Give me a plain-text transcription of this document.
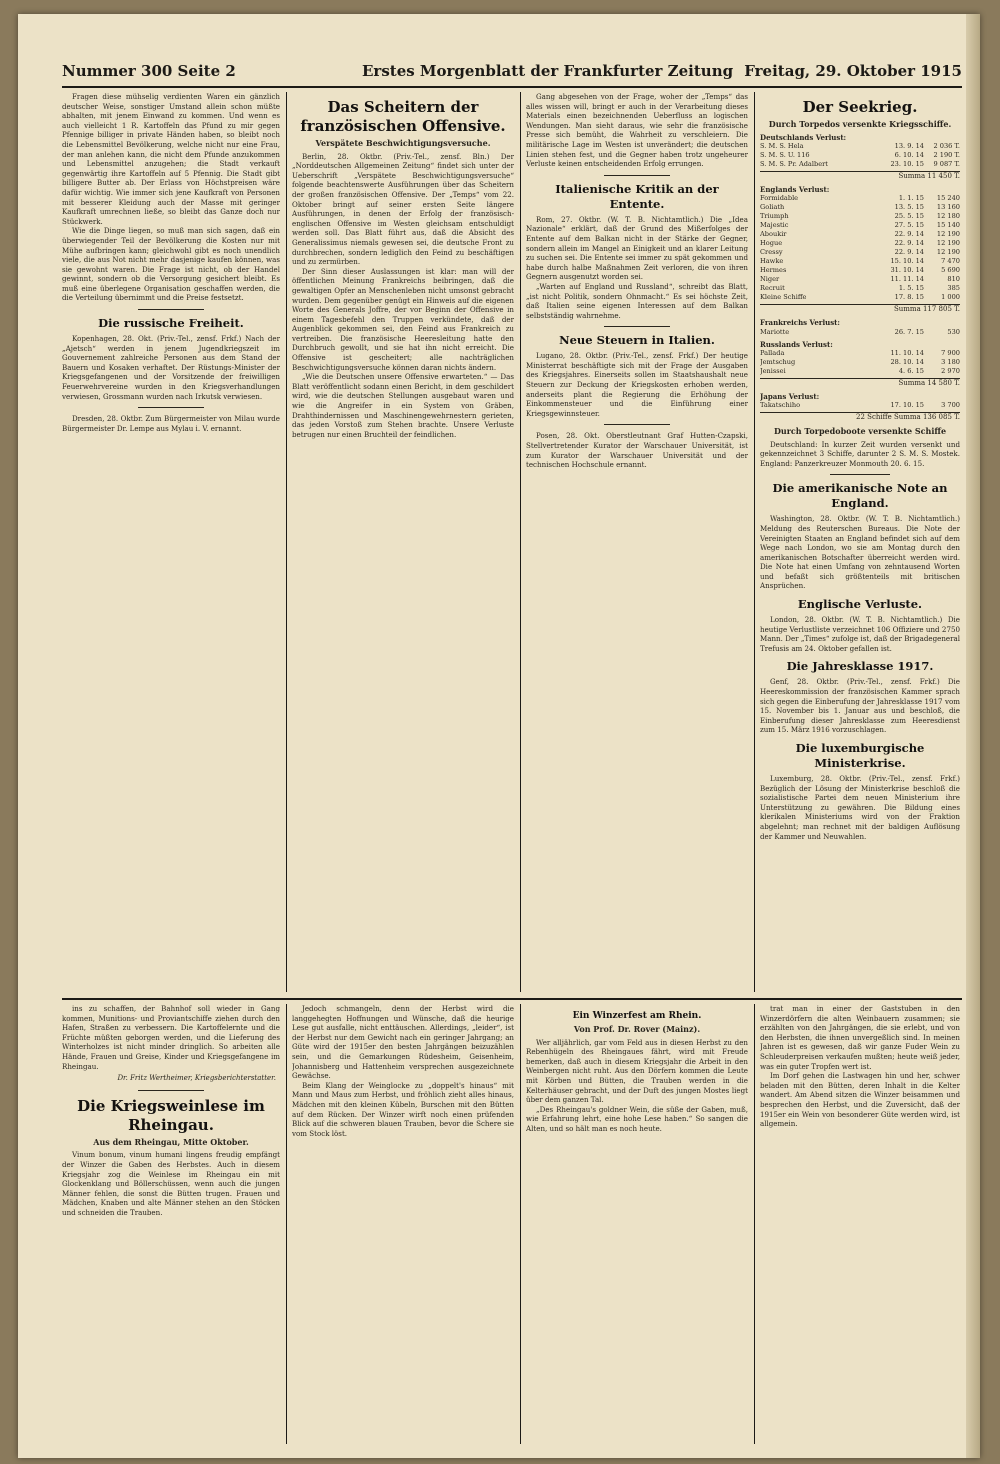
Nummer 300 Seite 2	Erstes Morgenblatt der Frankfurter Zeitung Freitag, 29. Oktober 1915

Fragen diese mühselig verdienten Waren ein gänzlich deutscher Weise, sonstiger Umstand allein schon müßte abhalten, mit jenem Einwand zu kommen. Und wenn es auch vielleicht 1 R. Kartoffeln das Pfund zu mir gegen Pfennige billiger in private Händen haben, so bleibt noch die Lebensmittel Bevölkerung, welche nicht nur eine Frau, der man anlehen kann, die nicht dem Pfunde anzukommen und Lebensmittel anzugehen; die Stadt verkauft gegenwärtig ihre Kartoffeln auf 5 Pfennig. Die Stadt gibt billigere Butter ab. Der Erlass von Höchstpreisen wäre dafür wichtig. Wie immer sich jene Kaufkraft von Personen mit besserer Kleidung auch der Masse mit geringer Kaufkraft umrechnen ließe, so bleibt das Ganze doch nur Stückwerk.

Wie die Dinge liegen, so muß man sich sagen, daß ein überwiegender Teil der Bevölkerung die Kosten nur mit Mühe aufbringen kann; gleichwohl gibt es noch unendlich viele, die aus Not nicht mehr dasjenige kaufen können, was sie gewohnt waren. Die Frage ist nicht, ob der Handel gewinnt, sondern ob die Versorgung gesichert bleibt. Es muß eine überlegene Organisation geschaffen werden, die die Verteilung übernimmt und die Preise festsetzt.

Die russische Freiheit.

Kopenhagen, 28. Okt. (Priv.-Tel., zensf. Frkf.) Nach der „Ajetsch“ werden in jenem Jugendkriegszeit im Gouvernement zahlreiche Personen aus dem Stand der Bauern und Kosaken verhaftet. Der Rüstungs-Minister der Kriegsgefangenen und der Vorsitzende der freiwilligen Feuerwehrvereine wurden in den Kriegsverhandlungen verwiesen, Grossmann wurden nach Irkutsk verwiesen.

Dresden, 28. Oktbr. Zum Bürgermeister von Milau wurde Bürgermeister Dr. Lempe aus Mylau i. V. ernannt.

Das Scheitern der französischen Offensive.
Verspätete Beschwichtigungsversuche.

Berlin, 28. Oktbr. (Priv.-Tel., zensf. Bln.) Der „Norddeutschen Allgemeinen Zeitung“ findet sich unter der Ueberschrift „Verspätete Beschwichtigungsversuche“ folgende beachtenswerte Ausführungen über das Scheitern der großen französischen Offensive. Der „Temps“ vom 22. Oktober bringt auf seiner ersten Seite längere Ausführungen, in denen der Erfolg der französisch-englischen Offensive im Westen gleichsam entschuldigt werden soll. Das Blatt führt aus, daß die Absicht des Generalissimus niemals gewesen sei, die deutsche Front zu durchbrechen, sondern lediglich den Feind zu beschäftigen und zu zermürben.

Der Sinn dieser Auslassungen ist klar: man will der öffentlichen Meinung Frankreichs beibringen, daß die gewaltigen Opfer an Menschenleben nicht umsonst gebracht wurden. Dem gegenüber genügt ein Hinweis auf die eigenen Worte des Generals Joffre, der vor Beginn der Offensive in einem Tagesbefehl den Truppen verkündete, daß der Augenblick gekommen sei, den Feind aus Frankreich zu vertreiben. Die französische Heeresleitung hatte den Durchbruch gewollt, und sie hat ihn nicht erreicht. Die Offensive ist gescheitert; alle nachträglichen Beschwichtigungsversuche können daran nichts ändern.

„Wie die Deutschen unsere Offensive erwarteten.“ — Das Blatt veröffentlicht sodann einen Bericht, in dem geschildert wird, wie die deutschen Stellungen ausgebaut waren und wie die Angreifer in ein System von Gräben, Drahthindernissen und Maschinengewehrnestern gerieten, das jeden Vorstoß zum Stehen brachte. Unsere Verluste betrugen nur einen Bruchteil der feindlichen.

Gang abgesehen von der Frage, woher der „Temps“ das alles wissen will, bringt er auch in der Verarbeitung dieses Materials einen bezeichnenden Ueberfluss an logischen Wendungen. Man sieht daraus, wie sehr die französische Presse sich bemüht, die Wahrheit zu verschleiern. Die militärische Lage im Westen ist unverändert; die deutschen Linien stehen fest, und die Gegner haben trotz ungeheurer Verluste keinen entscheidenden Erfolg errungen.

Italienische Kritik an der Entente.

Rom, 27. Oktbr. (W. T. B. Nichtamtlich.) Die „Idea Nazionale“ erklärt, daß der Grund des Mißerfolges der Entente auf dem Balkan nicht in der Stärke der Gegner, sondern allein im Mangel an Einigkeit und an klarer Leitung zu suchen sei. Die Entente sei immer zu spät gekommen und habe durch halbe Maßnahmen Zeit verloren, die von ihren Gegnern ausgenutzt worden sei.

„Warten auf England und Russland“, schreibt das Blatt, „ist nicht Politik, sondern Ohnmacht.“ Es sei höchste Zeit, daß Italien seine eigenen Interessen auf dem Balkan selbstständig wahrnehme.

Neue Steuern in Italien.

Lugano, 28. Oktbr. (Priv.-Tel., zensf. Frkf.) Der heutige Ministerrat beschäftigte sich mit der Frage der Ausgaben des Kriegsjahres. Einerseits sollen im Staatshaushalt neue Steuern zur Deckung der Kriegskosten erhoben werden, anderseits plant die Regierung die Erhöhung der Einkommensteuer und die Einführung einer Kriegsgewinnsteuer.

Posen, 28. Okt. Oberstleutnant Graf Hutten-Czapski, Stellvertretender Kurator der Warschauer Universität, ist zum Kurator der Warschauer Universität und der technischen Hochschule ernannt.

Der Seekrieg.
Durch Torpedos versenkte Kriegsschiffe.
Deutschlands Verlust:
S. M. S. Hela	13. 9. 14	2 036 T.
S. M. S. U. 116	6. 10. 14	2 190 T.
S. M. S. Pr. Adalbert	23. 10. 15	9 087 T.
Summa 11 450 T.
Englands Verlust:
Formidable	1. 1. 15	15 240
Goliath	13. 5. 15	13 160
Triumph	25. 5. 15	12 180
Majestic	27. 5. 15	15 140
Aboukir	22. 9. 14	12 190
Hogue	22. 9. 14	12 190
Cressy	22. 9. 14	12 190
Hawke	15. 10. 14	7 470
Hermes	31. 10. 14	5 690
Niger	11. 11. 14	810
Recruit	1. 5. 15	385
Kleine Schiffe	17. 8. 15	1 000
Summa 117 805 T.
Frankreichs Verlust:
Mariotte	26. 7. 15	530
Russlands Verlust:
Pallada	11. 10. 14	7 900
Jemtschug	28. 10. 14	3 180
Jenissei	4. 6. 15	2 970
Summa 14 580 T.
Japans Verlust:
Takatschiho	17. 10. 15	3 700
22 Schiffe Summa 136 085 T.
Durch Torpedoboote versenkte Schiffe

Deutschland: In kurzer Zeit wurden versenkt und gekennzeichnet 3 Schiffe, darunter 2 S. M. S. Mostek. England: Panzerkreuzer Monmouth 20. 6. 15.

Die amerikanische Note an England.

Washington, 28. Oktbr. (W. T. B. Nichtamtlich.) Meldung des Reuterschen Bureaus. Die Note der Vereinigten Staaten an England befindet sich auf dem Wege nach London, wo sie am Montag durch den amerikanischen Botschafter überreicht werden wird. Die Note hat einen Umfang von zehntausend Worten und befaßt sich größtenteils mit britischen Ansprüchen.

Englische Verluste.

London, 28. Oktbr. (W. T. B. Nichtamtlich.) Die heutige Verlustliste verzeichnet 106 Offiziere und 2750 Mann. Der „Times“ zufolge ist, daß der Brigadegeneral Trefusis am 24. Oktober gefallen ist.

Die Jahresklasse 1917.

Genf, 28. Oktbr. (Priv.-Tel., zensf. Frkf.) Die Heereskommission der französischen Kammer sprach sich gegen die Einberufung der Jahresklasse 1917 vom 15. November bis 1. Januar aus und beschloß, die Einberufung dieser Jahresklasse zum Heeresdienst zum 15. März 1916 vorzuschlagen.

Die luxemburgische Ministerkrise.

Luxemburg, 28. Oktbr. (Priv.-Tel., zensf. Frkf.) Bezüglich der Lösung der Ministerkrise beschloß die sozialistische Partei dem neuen Ministerium ihre Unterstützung zu gewähren. Die Bildung eines klerikalen Ministeriums wird von der Fraktion abgelehnt; man rechnet mit der baldigen Auflösung der Kammer und Neuwahlen.

ins zu schaffen, der Bahnhof soll wieder in Gang kommen, Munitions- und Proviantschiffe ziehen durch den Hafen, Straßen zu verbessern. Die Kartoffelernte und die Früchte müßten geborgen werden, und die Lieferung des Winterholzes ist nicht minder dringlich. So arbeiten alle Hände, Frauen und Greise, Kinder und Kriegsgefangene im Rheingau.

Dr. Fritz Wertheimer, Kriegsberichterstatter.
Die Kriegsweinlese im Rheingau.
Aus dem Rheingau, Mitte Oktober.

Vinum bonum, vinum humani lingens freudig empfängt der Winzer die Gaben des Herbstes. Auch in diesem Kriegsjahr zog die Weinlese im Rheingau ein mit Glockenklang und Böllerschüssen, wenn auch die jungen Männer fehlen, die sonst die Bütten trugen. Frauen und Mädchen, Knaben und alte Männer stehen an den Stöcken und schneiden die Trauben.

Jedoch schmangeln, denn der Herbst wird die langgehegten Hoffnungen und Wünsche, daß die heurige Lese gut ausfalle, nicht enttäuschen. Allerdings, „leider“, ist der Herbst nur dem Gewicht nach ein geringer Jahrgang; an Güte wird der 1915er den besten Jahrgängen beizuzählen sein, und die Gemarkungen Rüdesheim, Geisenheim, Johannisberg und Hattenheim versprechen ausgezeichnete Gewächse.

Beim Klang der Weinglocke zu „doppelt's hinaus“ mit Mann und Maus zum Herbst, und fröhlich zieht alles hinaus, Mädchen mit den kleinen Kübeln, Burschen mit den Bütten auf dem Rücken. Der Winzer wirft noch einen prüfenden Blick auf die schweren blauen Trauben, bevor die Schere sie vom Stock löst.

Ein Winzerfest am Rhein.
Von Prof. Dr. Rover (Mainz).

Wer alljährlich, gar vom Feld aus in diesen Herbst zu den Rebenhügeln des Rheingaues fährt, wird mit Freude bemerken, daß auch in diesem Kriegsjahr die Arbeit in den Weinbergen nicht ruht. Aus den Dörfern kommen die Leute mit Körben und Bütten, die Trauben werden in die Kelterhäuser gebracht, und der Duft des jungen Mostes liegt über dem ganzen Tal.

„Des Rheingau's goldner Wein, die süße der Gaben, muß, wie Erfahrung lehrt, eine hohe Lese haben.“ So sangen die Alten, und so hält man es noch heute.

trat man in einer der Gaststuben in den Winzerdörfern die alten Weinbauern zusammen; sie erzählten von den Jahrgängen, die sie erlebt, und von den Herbsten, die ihnen unvergeßlich sind. In meinen Jahren ist es gewesen, daß wir ganze Fuder Wein zu Schleuderpreisen verkaufen mußten; heute weiß jeder, was ein guter Tropfen wert ist.

Im Dorf gehen die Lastwagen hin und her, schwer beladen mit den Bütten, deren Inhalt in die Kelter wandert. Am Abend sitzen die Winzer beisammen und besprechen den Herbst, und die Zuversicht, daß der 1915er ein Wein von besonderer Güte werden wird, ist allgemein.
